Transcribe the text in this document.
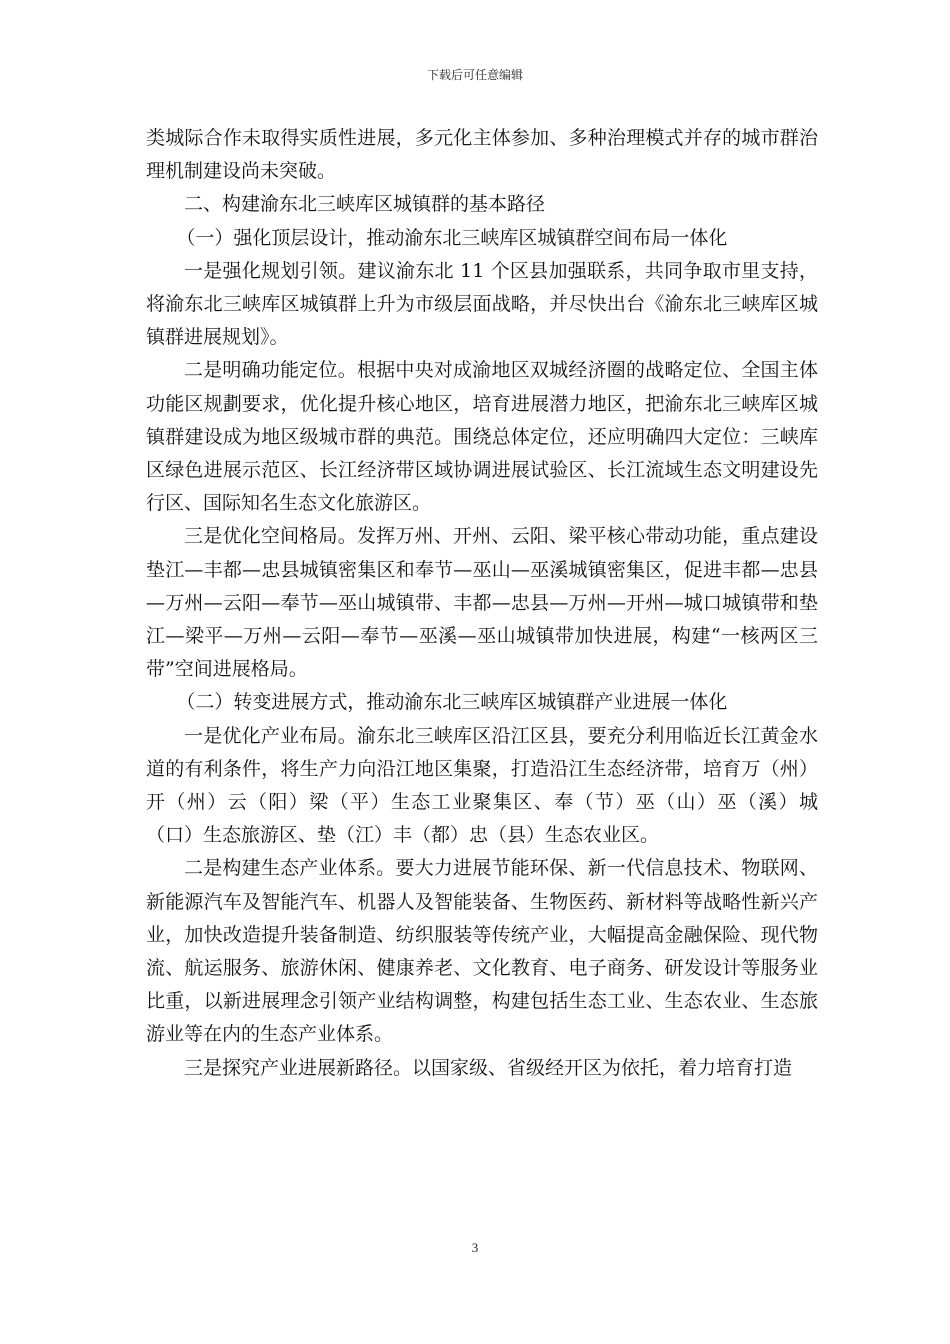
下载后可任意编辑

类城际合作未取得实质性进展，多元化主体参加、多种治理模式并存的城市群治理机制建设尚未突破。

二、构建渝东北三峡库区城镇群的基本路径

（一）强化顶层设计，推动渝东北三峡库区城镇群空间布局一体化

一是强化规划引领。建议渝东北 11 个区县加强联系，共同争取市里支持，将渝东北三峡库区城镇群上升为市级层面战略，并尽快出台《渝东北三峡库区城镇群进展规划》。

二是明确功能定位。根据中央对成渝地区双城经济圈的战略定位、全国主体功能区规劃要求，优化提升核心地区，培育进展潜力地区，把渝东北三峡库区城镇群建设成为地区级城市群的典范。围绕总体定位，还应明确四大定位：三峡库区绿色进展示范区、长江经济带区域协调进展试验区、长江流域生态文明建设先行区、国际知名生态文化旅游区。

三是优化空间格局。发挥万州、开州、云阳、梁平核心带动功能，重点建设垫江—丰都—忠县城镇密集区和奉节—巫山—巫溪城镇密集区，促进丰都—忠县—万州—云阳—奉节—巫山城镇带、丰都—忠县—万州—开州—城口城镇带和垫江—梁平—万州—云阳—奉节—巫溪—巫山城镇带加快进展，构建“一核两区三带”空间进展格局。

（二）转变进展方式，推动渝东北三峡库区城镇群产业进展一体化

一是优化产业布局。渝东北三峡库区沿江区县，要充分利用临近长江黄金水道的有利条件，将生产力向沿江地区集聚，打造沿江生态经济带，培育万（州）开（州）云（阳）梁（平）生态工业聚集区、奉（节）巫（山）巫（溪）城（口）生态旅游区、垫（江）丰（都）忠（县）生态农业区。

二是构建生态产业体系。要大力进展节能环保、新一代信息技术、物联网、新能源汽车及智能汽车、机器人及智能装备、生物医药、新材料等战略性新兴产业，加快改造提升装备制造、纺织服装等传统产业，大幅提高金融保险、现代物流、航运服务、旅游休闲、健康养老、文化教育、电子商务、研发设计等服务业比重，以新进展理念引领产业结构调整，构建包括生态工业、生态农业、生态旅游业等在内的生态产业体系。

三是探究产业进展新路径。以国家级、省级经开区为依托，着力培育打造

3
